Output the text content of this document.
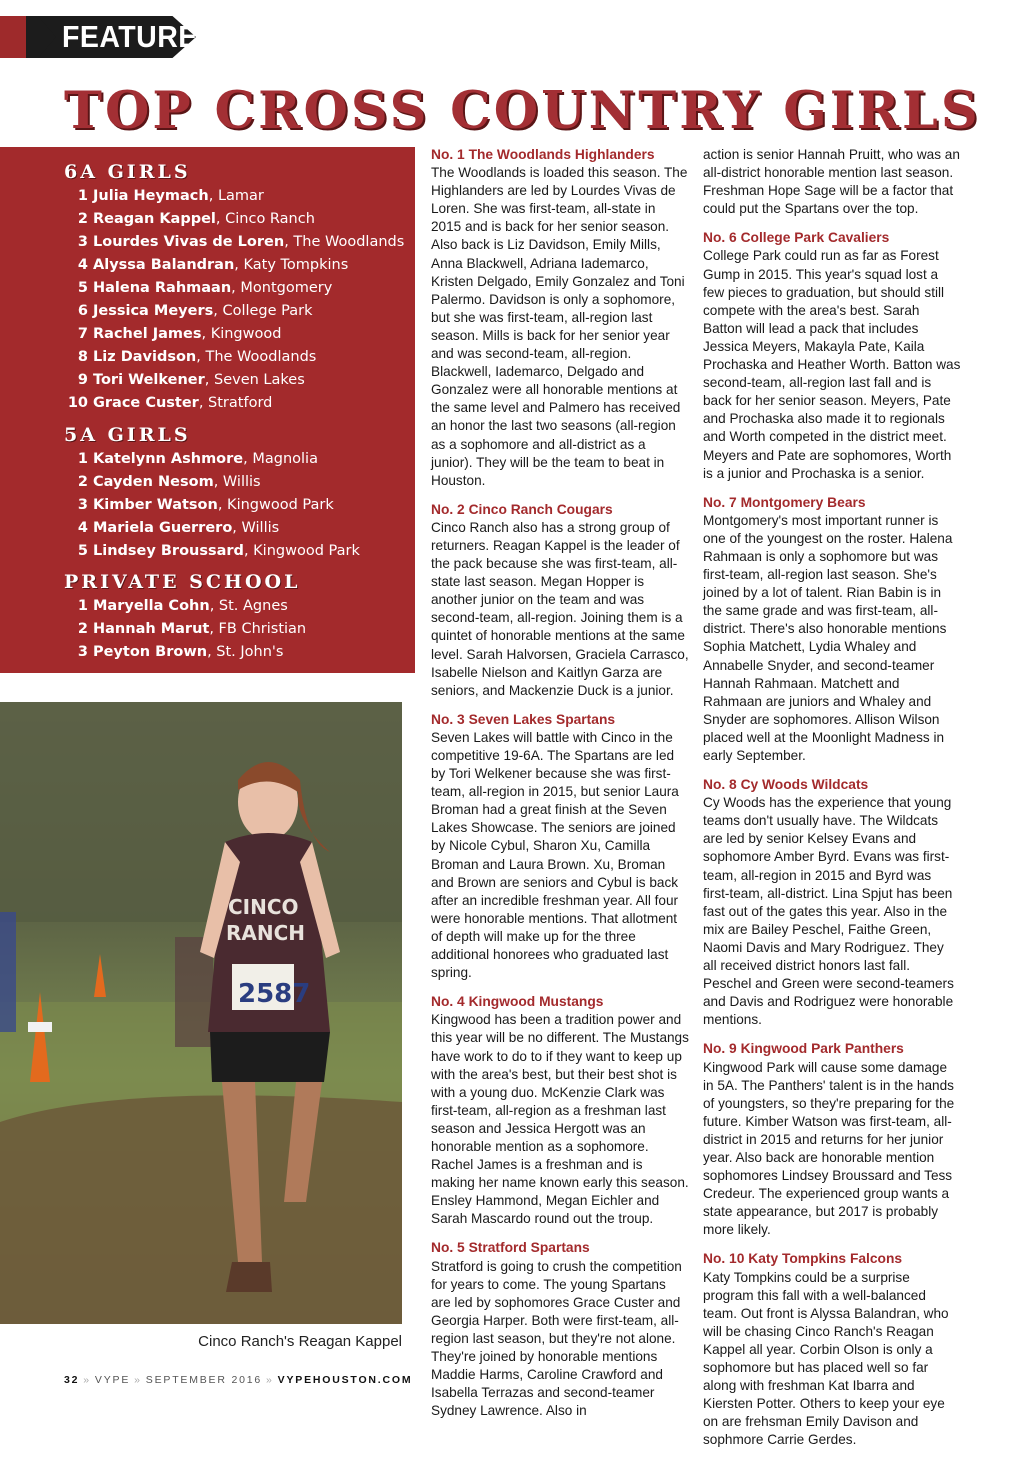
FEATURE
TOP CROSS COUNTRY GIRLS
6A GIRLS
1 Julia Heymach, Lamar
2 Reagan Kappel, Cinco Ranch
3 Lourdes Vivas de Loren, The Woodlands
4 Alyssa Balandran, Katy Tompkins
5 Halena Rahmaan, Montgomery
6 Jessica Meyers, College Park
7 Rachel James, Kingwood
8 Liz Davidson, The Woodlands
9 Tori Welkener, Seven Lakes
10 Grace Custer, Stratford
5A GIRLS
1 Katelynn Ashmore, Magnolia
2 Cayden Nesom, Willis
3 Kimber Watson, Kingwood Park
4 Mariela Guerrero, Willis
5 Lindsey Broussard, Kingwood Park
PRIVATE SCHOOL
1 Maryella Cohn, St. Agnes
2 Hannah Marut, FB Christian
3 Peyton Brown, St. John's
CINCO
RANCH
2587
Cinco Ranch's Reagan Kappel
No. 1 The Woodlands Highlanders

The Woodlands is loaded this season. The Highlanders are led by Lourdes Vivas de Loren. She was first-team, all-state in 2015 and is back for her senior season. Also back is Liz Davidson, Emily Mills, Anna Blackwell, Adriana Iademarco, Kristen Delgado, Emily Gonzalez and Toni Palermo. Davidson is only a sophomore, but she was first-team, all-region last season. Mills is back for her senior year and was second-team, all-region. Blackwell, Iademarco, Delgado and Gonzalez were all honorable mentions at the same level and Palmero has received an honor the last two seasons (all-region as a sophomore and all-district as a junior). They will be the team to beat in Houston.

No. 2 Cinco Ranch Cougars

Cinco Ranch also has a strong group of returners. Reagan Kappel is the leader of the pack because she was first-team, all-state last season. Megan Hopper is another junior on the team and was second-team, all-region. Joining them is a quintet of honorable mentions at the same level. Sarah Halvorsen, Graciela Carrasco, Isabelle Nielson and Kaitlyn Garza are seniors, and Mackenzie Duck is a junior.

No. 3 Seven Lakes Spartans

Seven Lakes will battle with Cinco in the competitive 19-6A. The Spartans are led by Tori Welkener because she was first-team, all-region in 2015, but senior Laura Broman had a great finish at the Seven Lakes Showcase. The seniors are joined by Nicole Cybul, Sharon Xu, Camilla Broman and Laura Brown. Xu, Broman and Brown are seniors and Cybul is back after an incredible freshman year. All four were honorable mentions. That allotment of depth will make up for the three additional honorees who graduated last spring.

No. 4 Kingwood Mustangs

Kingwood has been a tradition power and this year will be no different. The Mustangs have work to do to if they want to keep up with the area's best, but their best shot is with a young duo. McKenzie Clark was first-team, all-region as a freshman last season and Jessica Hergott was an honorable mention as a sophomore. Rachel James is a freshman and is making her name known early this season. Ensley Hammond, Megan Eichler and Sarah Mascardo round out the troup.

No. 5 Stratford Spartans

Stratford is going to crush the competition for years to come. The young Spartans are led by sophomores Grace Custer and Georgia Harper. Both were first-team, all-region last season, but they're not alone. They're joined by honorable mentions Maddie Harms, Caroline Crawford and Isabella Terrazas and second-teamer Sydney Lawrence. Also in

action is senior Hannah Pruitt, who was an all-district honorable mention last season. Freshman Hope Sage will be a factor that could put the Spartans over the top.

No. 6 College Park Cavaliers

College Park could run as far as Forest Gump in 2015. This year's squad lost a few pieces to graduation, but should still compete with the area's best. Sarah Batton will lead a pack that includes Jessica Meyers, Makayla Pate, Kaila Prochaska and Heather Worth. Batton was second-team, all-region last fall and is back for her senior season. Meyers, Pate and Prochaska also made it to regionals and Worth competed in the district meet. Meyers and Pate are sophomores, Worth is a junior and Prochaska is a senior.

No. 7 Montgomery Bears

Montgomery's most important runner is one of the youngest on the roster. Halena Rahmaan is only a sophomore but was first-team, all-region last season. She's joined by a lot of talent. Rian Babin is in the same grade and was first-team, all-district. There's also honorable mentions Sophia Matchett, Lydia Whaley and Annabelle Snyder, and second-teamer Hannah Rahmaan. Matchett and Rahmaan are juniors and Whaley and Snyder are sophomores. Allison Wilson placed well at the Moonlight Madness in early September.

No. 8 Cy Woods Wildcats

Cy Woods has the experience that young teams don't usually have. The Wildcats are led by senior Kelsey Evans and sophomore Amber Byrd. Evans was first-team, all-region in 2015 and Byrd was first-team, all-district. Lina Spjut has been fast out of the gates this year. Also in the mix are Bailey Peschel, Faithe Green, Naomi Davis and Mary Rodriguez. They all received district honors last fall. Peschel and Green were second-teamers and Davis and Rodriguez were honorable mentions.

No. 9 Kingwood Park Panthers

Kingwood Park will cause some damage in 5A. The Panthers' talent is in the hands of youngsters, so they're preparing for the future. Kimber Watson was first-team, all-district in 2015 and returns for her junior year. Also back are honorable mention sophomores Lindsey Broussard and Tess Credeur. The experienced group wants a state appearance, but 2017 is probably more likely.

No. 10 Katy Tompkins Falcons

Katy Tompkins could be a surprise program this fall with a well-balanced team. Out front is Alyssa Balandran, who will be chasing Cinco Ranch's Reagan Kappel all year. Corbin Olson is only a sophomore but has placed well so far along with freshman Kat Ibarra and Kiersten Potter. Others to keep your eye on are frehsman Emily Davison and sophmore Carrie Gerdes.

32 » VYPE » SEPTEMBER 2016 » VYPEHOUSTON.COM
